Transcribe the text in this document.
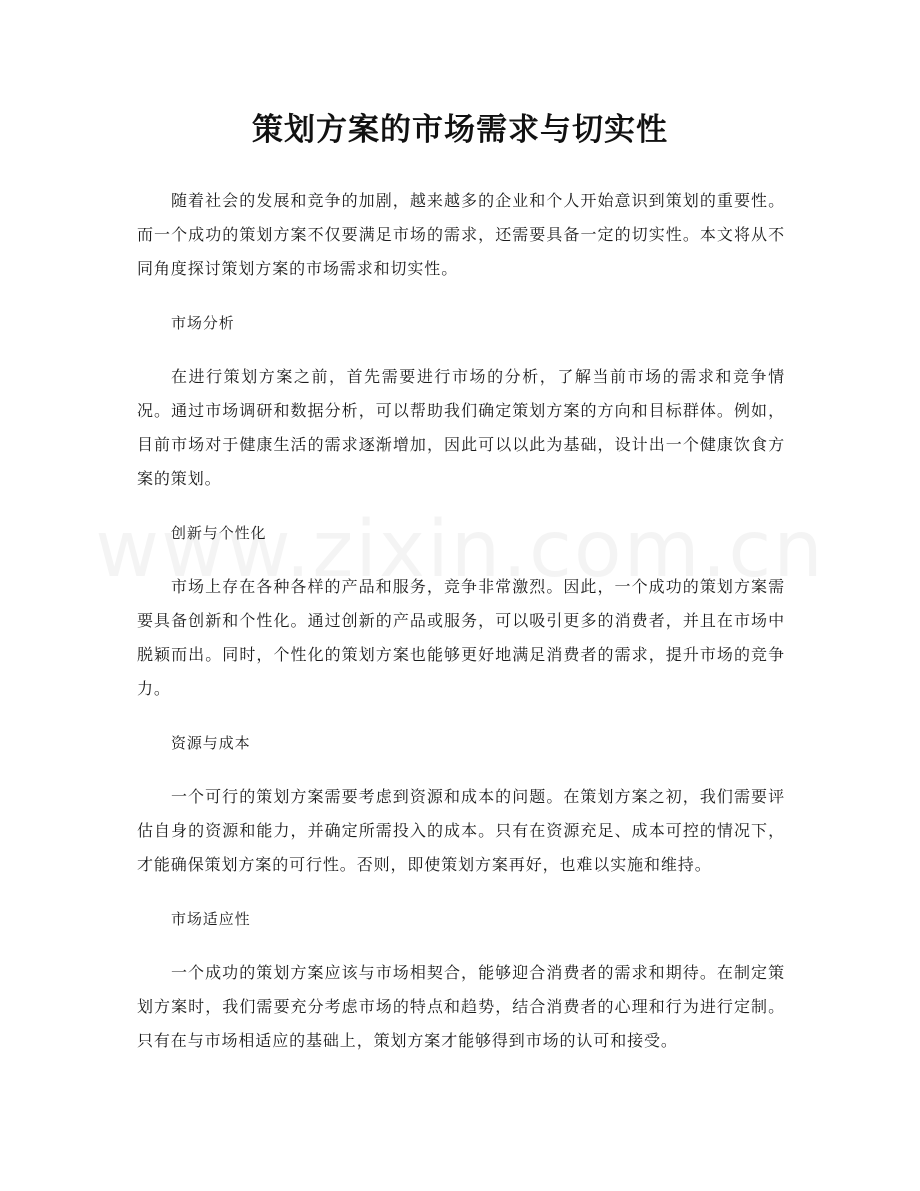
策划方案的市场需求与切实性

随着社会的发展和竞争的加剧，越来越多的企业和个人开始意识到策划的重要性。而一个成功的策划方案不仅要满足市场的需求，还需要具备一定的切实性。本文将从不同角度探讨策划方案的市场需求和切实性。

市场分析

在进行策划方案之前，首先需要进行市场的分析，了解当前市场的需求和竞争情况。通过市场调研和数据分析，可以帮助我们确定策划方案的方向和目标群体。例如，目前市场对于健康生活的需求逐渐增加，因此可以以此为基础，设计出一个健康饮食方案的策划。

创新与个性化

市场上存在各种各样的产品和服务，竞争非常激烈。因此，一个成功的策划方案需要具备创新和个性化。通过创新的产品或服务，可以吸引更多的消费者，并且在市场中脱颖而出。同时，个性化的策划方案也能够更好地满足消费者的需求，提升市场的竞争力。

资源与成本

一个可行的策划方案需要考虑到资源和成本的问题。在策划方案之初，我们需要评估自身的资源和能力，并确定所需投入的成本。只有在资源充足、成本可控的情况下，才能确保策划方案的可行性。否则，即使策划方案再好，也难以实施和维持。

市场适应性

一个成功的策划方案应该与市场相契合，能够迎合消费者的需求和期待。在制定策划方案时，我们需要充分考虑市场的特点和趋势，结合消费者的心理和行为进行定制。只有在与市场相适应的基础上，策划方案才能够得到市场的认可和接受。
